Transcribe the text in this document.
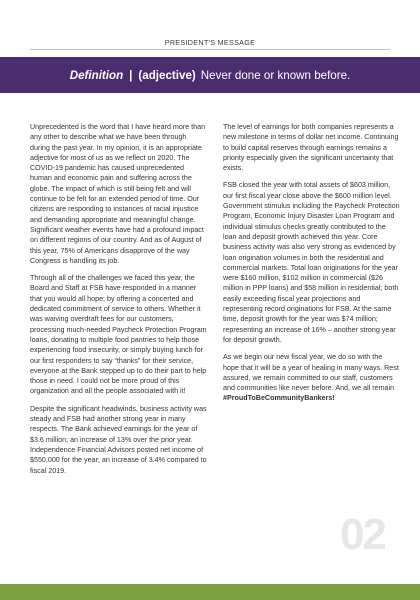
PRESIDENT'S MESSAGE
Definition | (adjective) Never done or known before.

Unprecedented is the word that I have heard more than any other to describe what we have been through during the past year. In my opinion, it is an appropriate adjective for most of us as we reflect on 2020. The COVID-19 pandemic has caused unprecedented human and economic pain and suffering across the globe. The impact of which is still being felt and will continue to be felt for an extended period of time. Our citizens are responding to instances of racial injustice and demanding appropriate and meaningful change. Significant weather events have had a profound impact on different regions of our country. And as of August of this year, 75% of Americans disapprove of the way Congress is handling its job.

Through all of the challenges we faced this year, the Board and Staff at FSB have responded in a manner that you would all hope; by offering a concerted and dedicated commitment of service to others. Whether it was waiving overdraft fees for our customers, processing much-needed Paycheck Protection Program loans, donating to multiple food pantries to help those experiencing food insecurity, or simply buying lunch for our first responders to say “thanks” for their service, everyone at the Bank stepped up to do their part to help those in need. I could not be more proud of this organization and all the people associated with it!

Despite the significant headwinds, business activity was steady and FSB had another strong year in many respects. The Bank achieved earnings for the year of $3.6 million; an increase of 13% over the prior year. Independence Financial Advisors posted net income of $550,000 for the year; an increase of 3.4% compared to fiscal 2019.

The level of earnings for both companies represents a new milestone in terms of dollar net income. Continuing to build capital reserves through earnings remains a priority especially given the significant uncertainty that exists.

FSB closed the year with total assets of $603 million, our first fiscal year close above the $600 million level. Government stimulus including the Paycheck Protection Program, Economic Injury Disaster Loan Program and individual stimulus checks greatly contributed to the loan and deposit growth achieved this year. Core business activity was also very strong as evidenced by loan origination volumes in both the residential and commercial markets. Total loan originations for the year were $160 million, $102 million in commercial ($26 million in PPP loans) and $58 million in residential; both easily exceeding fiscal year projections and representing record originations for FSB. At the same time, deposit growth for the year was $74 million; representing an increase of 16% – another strong year for deposit growth.

As we begin our new fiscal year, we do so with the hope that it will be a year of healing in many ways. Rest assured, we remain committed to our staff, customers and communities like never before. And, we all remain #ProudToBeCommunityBankers!

02
